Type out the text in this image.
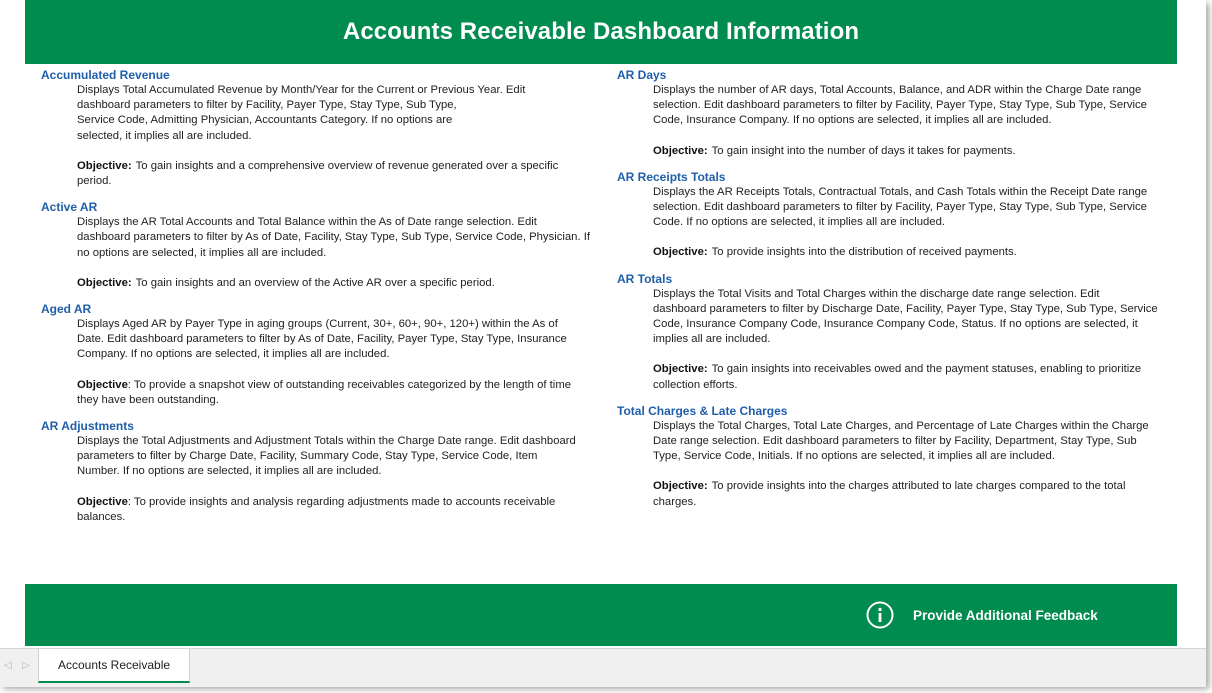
Accounts Receivable Dashboard Information
Accumulated Revenue

Displays Total Accumulated Revenue by Month/Year for the Current or Previous Year. Edit

dashboard parameters to filter by Facility, Payer Type, Stay Type, Sub Type,

Service Code, Admitting Physician, Accountants Category. If no options are

selected, it implies all are included.

Objective: To gain insights and a comprehensive overview of revenue generated over a specific

period.

Active AR

Displays the AR Total Accounts and Total Balance within the As of Date range selection. Edit

dashboard parameters to filter by As of Date, Facility, Stay Type, Sub Type, Service Code, Physician. If

no options are selected, it implies all are included.

Objective: To gain insights and an overview of the Active AR over a specific period.

Aged AR

Displays Aged AR by Payer Type in aging groups (Current, 30+, 60+, 90+, 120+) within the As of

Date. Edit dashboard parameters to filter by As of Date, Facility, Payer Type, Stay Type, Insurance

Company. If no options are selected, it implies all are included.

Objective: To provide a snapshot view of outstanding receivables categorized by the length of time

they have been outstanding.

AR Adjustments

Displays the Total Adjustments and Adjustment Totals within the Charge Date range. Edit dashboard

parameters to filter by Charge Date, Facility, Summary Code, Stay Type, Service Code, Item

Number. If no options are selected, it implies all are included.

Objective: To provide insights and analysis regarding adjustments made to accounts receivable

balances.

AR Days

Displays the number of AR days, Total Accounts, Balance, and ADR within the Charge Date range

selection. Edit dashboard parameters to filter by Facility, Payer Type, Stay Type, Sub Type, Service

Code, Insurance Company. If no options are selected, it implies all are included.

Objective: To gain insight into the number of days it takes for payments.

AR Receipts Totals

Displays the AR Receipts Totals, Contractual Totals, and Cash Totals within the Receipt Date range

selection. Edit dashboard parameters to filter by Facility, Payer Type, Stay Type, Sub Type, Service

Code. If no options are selected, it implies all are included.

Objective: To provide insights into the distribution of received payments.

AR Totals

Displays the Total Visits and Total Charges within the discharge date range selection. Edit

dashboard parameters to filter by Discharge Date, Facility, Payer Type, Stay Type, Sub Type, Service

Code, Insurance Company Code, Insurance Company Code, Status. If no options are selected, it

implies all are included.

Objective: To gain insights into receivables owed and the payment statuses, enabling to prioritize

collection efforts.

Total Charges & Late Charges

Displays the Total Charges, Total Late Charges, and Percentage of Late Charges within the Charge

Date range selection. Edit dashboard parameters to filter by Facility, Department, Stay Type, Sub

Type, Service Code, Initials. If no options are selected, it implies all are included.

Objective: To provide insights into the charges attributed to late charges compared to the total

charges.

Provide Additional Feedback
◁ ▷ Accounts Receivable
